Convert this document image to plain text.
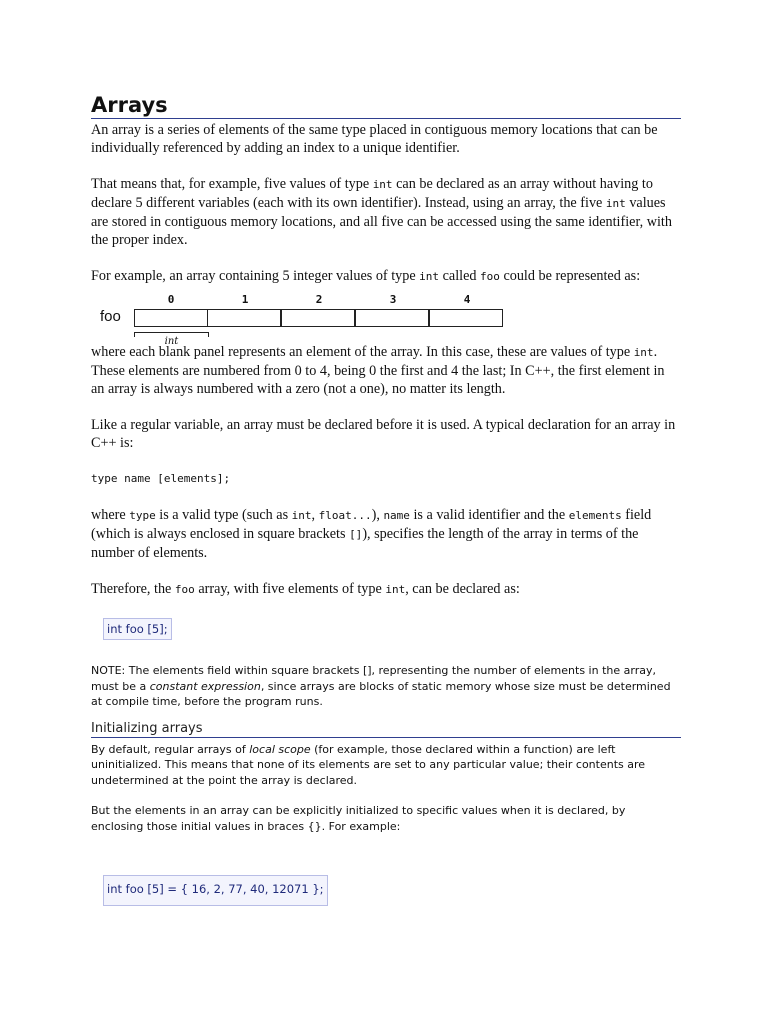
Arrays

An array is a series of elements of the same type placed in contiguous memory locations that can be individually referenced by adding an index to a unique identifier.

That means that, for example, five values of type int can be declared as an array without having to declare 5 different variables (each with its own identifier). Instead, using an array, the five int values are stored in contiguous memory locations, and all five can be accessed using the same identifier, with the proper index.

For example, an array containing 5 integer values of type int called foo could be represented as:

foo
0	1	2	3	4
int

where each blank panel represents an element of the array. In this case, these are values of type int. These elements are numbered from 0 to 4, being 0 the first and 4 the last; In C++, the first element in an array is always numbered with a zero (not a one), no matter its length.

Like a regular variable, an array must be declared before it is used. A typical declaration for an array in C++ is:

type name [elements];

where type is a valid type (such as int, float...), name is a valid identifier and the elements field (which is always enclosed in square brackets []), specifies the length of the array in terms of the number of elements.

Therefore, the foo array, with five elements of type int, can be declared as:

int foo [5];

NOTE: The elements field within square brackets [], representing the number of elements in the array, must be a constant expression, since arrays are blocks of static memory whose size must be determined at compile time, before the program runs.

Initializing arrays

By default, regular arrays of local scope (for example, those declared within a function) are left uninitialized. This means that none of its elements are set to any particular value; their contents are undetermined at the point the array is declared.

But the elements in an array can be explicitly initialized to specific values when it is declared, by enclosing those initial values in braces {}. For example:

int foo [5] = { 16, 2, 77, 40, 12071 };
